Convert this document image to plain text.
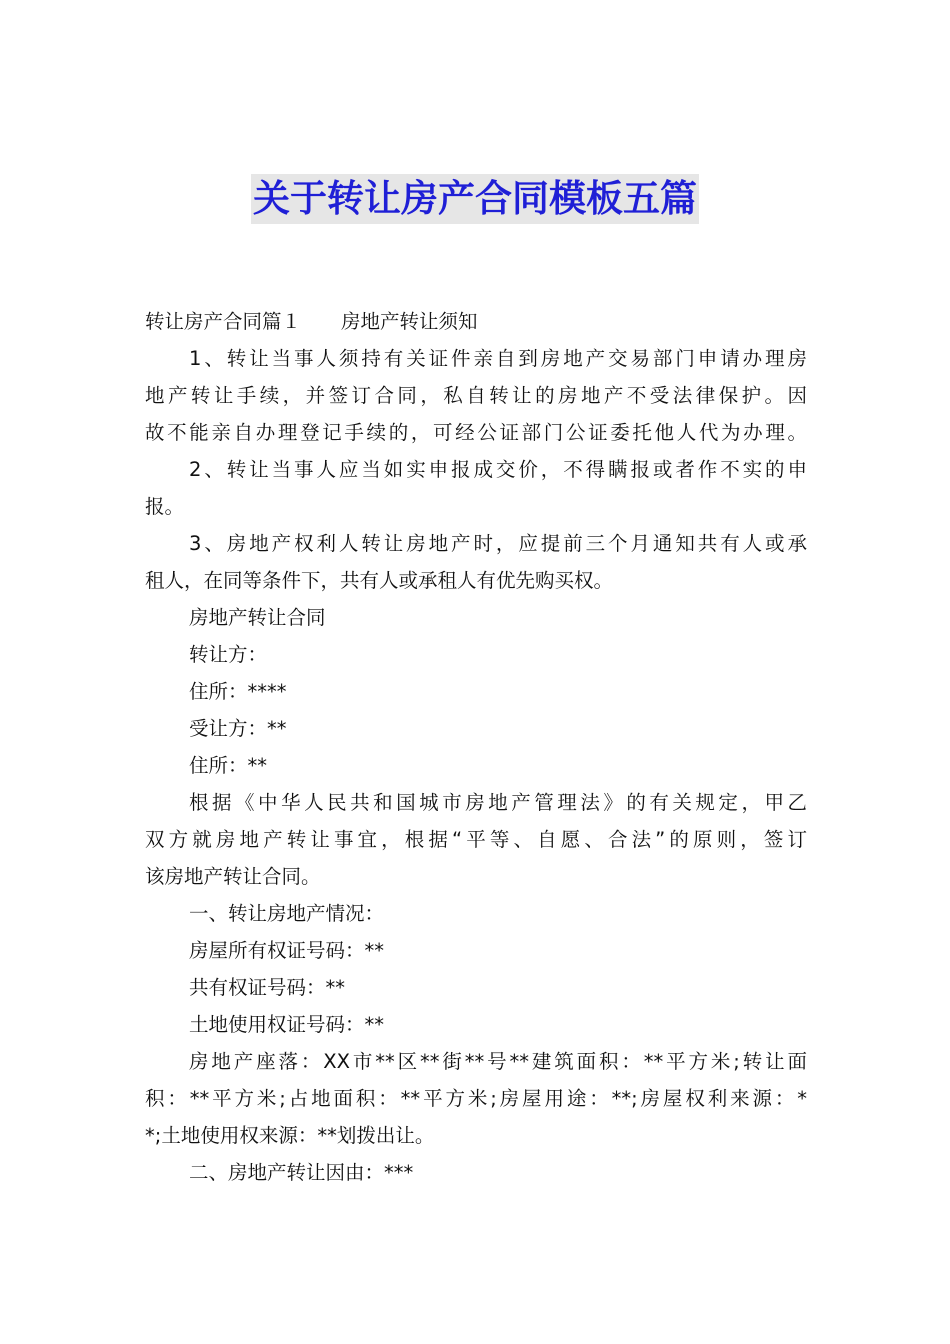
关于转让房产合同模板五篇
转让房产合同篇１ 房地产转让须知
1、转让当事人须持有关证件亲自到房地产交易部门申请办理房
地产转让手续，并签订合同，私自转让的房地产不受法律保护。因
故不能亲自办理登记手续的，可经公证部门公证委托他人代为办理。
2、转让当事人应当如实申报成交价，不得瞒报或者作不实的申
报。
3、房地产权利人转让房地产时，应提前三个月通知共有人或承
租人，在同等条件下，共有人或承租人有优先购买权。
房地产转让合同
转让方：
住所：****
受让方：**
住所：**
根据《中华人民共和国城市房地产管理法》的有关规定，甲乙
双方就房地产转让事宜，根据“平等、自愿、合法”的原则，签订
该房地产转让合同。
一、转让房地产情况：
房屋所有权证号码：**
共有权证号码：**
土地使用权证号码：**
房地产座落：XX市**区**街**号**建筑面积：**平方米;转让面
积：**平方米;占地面积：**平方米;房屋用途：**;房屋权利来源：*
*;土地使用权来源：**划拨出让。
二、房地产转让因由：***
